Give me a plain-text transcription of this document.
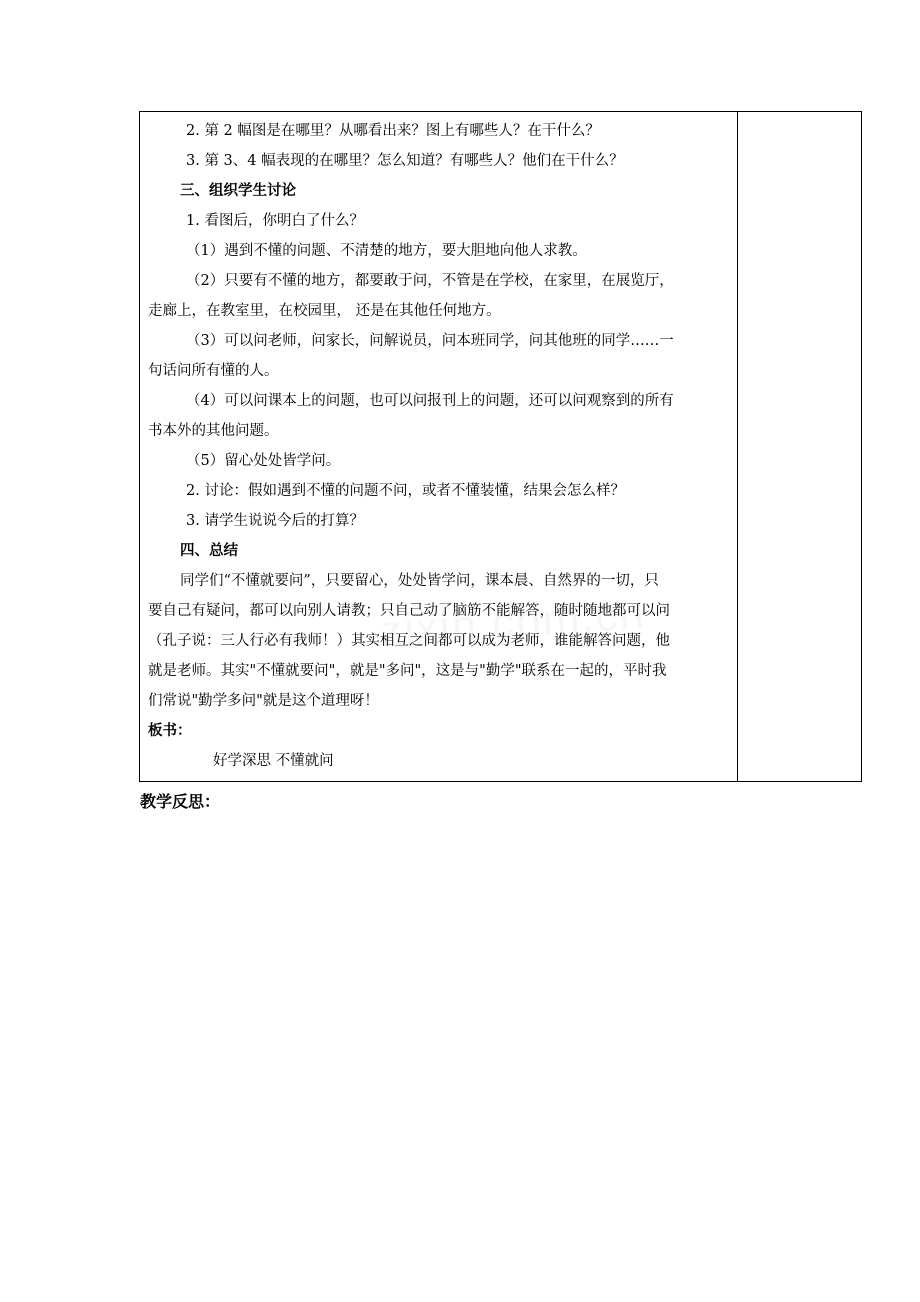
2. 第 2 幅图是在哪里？从哪看出来？图上有哪些人？在干什么？
3. 第 3、4 幅表现的在哪里？怎么知道？有哪些人？他们在干什么？
三、组织学生讨论
1. 看图后，你明白了什么？
（1）遇到不懂的问题、不清楚的地方，要大胆地向他人求教。
（2）只要有不懂的地方，都要敢于问，不管是在学校，在家里，在展览厅，
走廊上，在教室里，在校园里， 还是在其他任何地方。
（3）可以问老师，问家长，问解说员，问本班同学，问其他班的同学……一
句话问所有懂的人。
（4）可以问课本上的问题，也可以问报刊上的问题，还可以问观察到的所有
书本外的其他问题。
（5）留心处处皆学问。
2. 讨论：假如遇到不懂的问题不问，或者不懂装懂，结果会怎么样？
3. 请学生说说今后的打算？
四、总结
同学们“不懂就要问”，只要留心，处处皆学问，课本晨、自然界的一切，只
要自己有疑问，都可以向别人请教；只自己动了脑筋不能解答，随时随地都可以问
（孔子说：三人行必有我师！）其实相互之间都可以成为老师，谁能解答问题，他
就是老师。其实"不懂就要问"，就是"多问"，这是与"勤学"联系在一起的，平时我
们常说"勤学多问"就是这个道理呀！
板书：
好学深思 不懂就问
教学反思：
